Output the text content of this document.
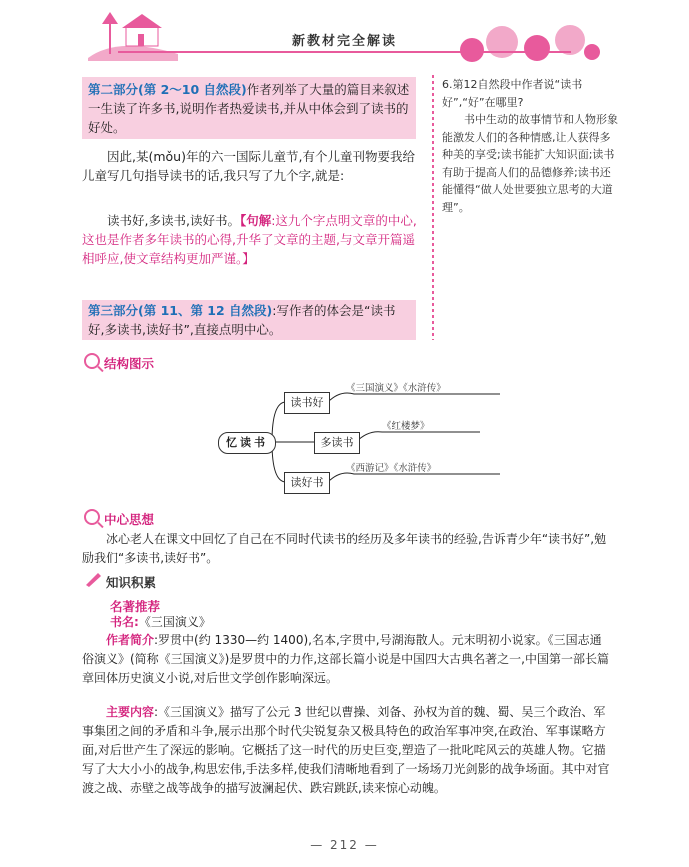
新教材完全解读

第二部分(第 2～10 自然段)作者列举了大量的篇目来叙述一生读了许多书,说明作者热爱读书,并从中体会到了读书的好处。

因此,某(mǒu)年的六一国际儿童节,有个儿童刊物要我给儿童写几句指导读书的话,我只写了九个字,就是:
读书好,多读书,读好书。【句解:这九个字点明文章的中心,这也是作者多年读书的心得,升华了文章的主题,与文章开篇遥相呼应,使文章结构更加严谨。】

第三部分(第 11、第 12 自然段):写作者的体会是“读书好,多读书,读好书”,直接点明中心。

6.第12自然段中作者说“读书好”,“好”在哪里?
书中生动的故事情节和人物形象能激发人们的各种情感,让人获得多种美的享受;读书能扩大知识面;读书有助于提高人们的品德修养;读书还能懂得“做人处世要独立思考的大道理”。
结构图示
忆读书
读书好
多读书
读好书
《三国演义》《水浒传》
《红楼梦》
《西游记》《水浒传》
中心思想
冰心老人在课文中回忆了自己在不同时代读书的经历及多年读书的经验,告诉青少年“读书好”,勉励我们“多读书,读好书”。
知识积累
名著推荐
书名:《三国演义》
作者简介:罗贯中(约 1330—约 1400),名本,字贯中,号湖海散人。元末明初小说家。《三国志通俗演义》(简称《三国演义》)是罗贯中的力作,这部长篇小说是中国四大古典名著之一,中国第一部长篇章回体历史演义小说,对后世文学创作影响深远。
主要内容:《三国演义》描写了公元 3 世纪以曹操、刘备、孙权为首的魏、蜀、吴三个政治、军事集团之间的矛盾和斗争,展示出那个时代尖锐复杂又极具特色的政治军事冲突,在政治、军事谋略方面,对后世产生了深远的影响。它概括了这一时代的历史巨变,塑造了一批叱咤风云的英雄人物。它描写了大大小小的战争,构思宏伟,手法多样,使我们清晰地看到了一场场刀光剑影的战争场面。其中对官渡之战、赤壁之战等战争的描写波澜起伏、跌宕跳跃,读来惊心动魄。
— 212 —
